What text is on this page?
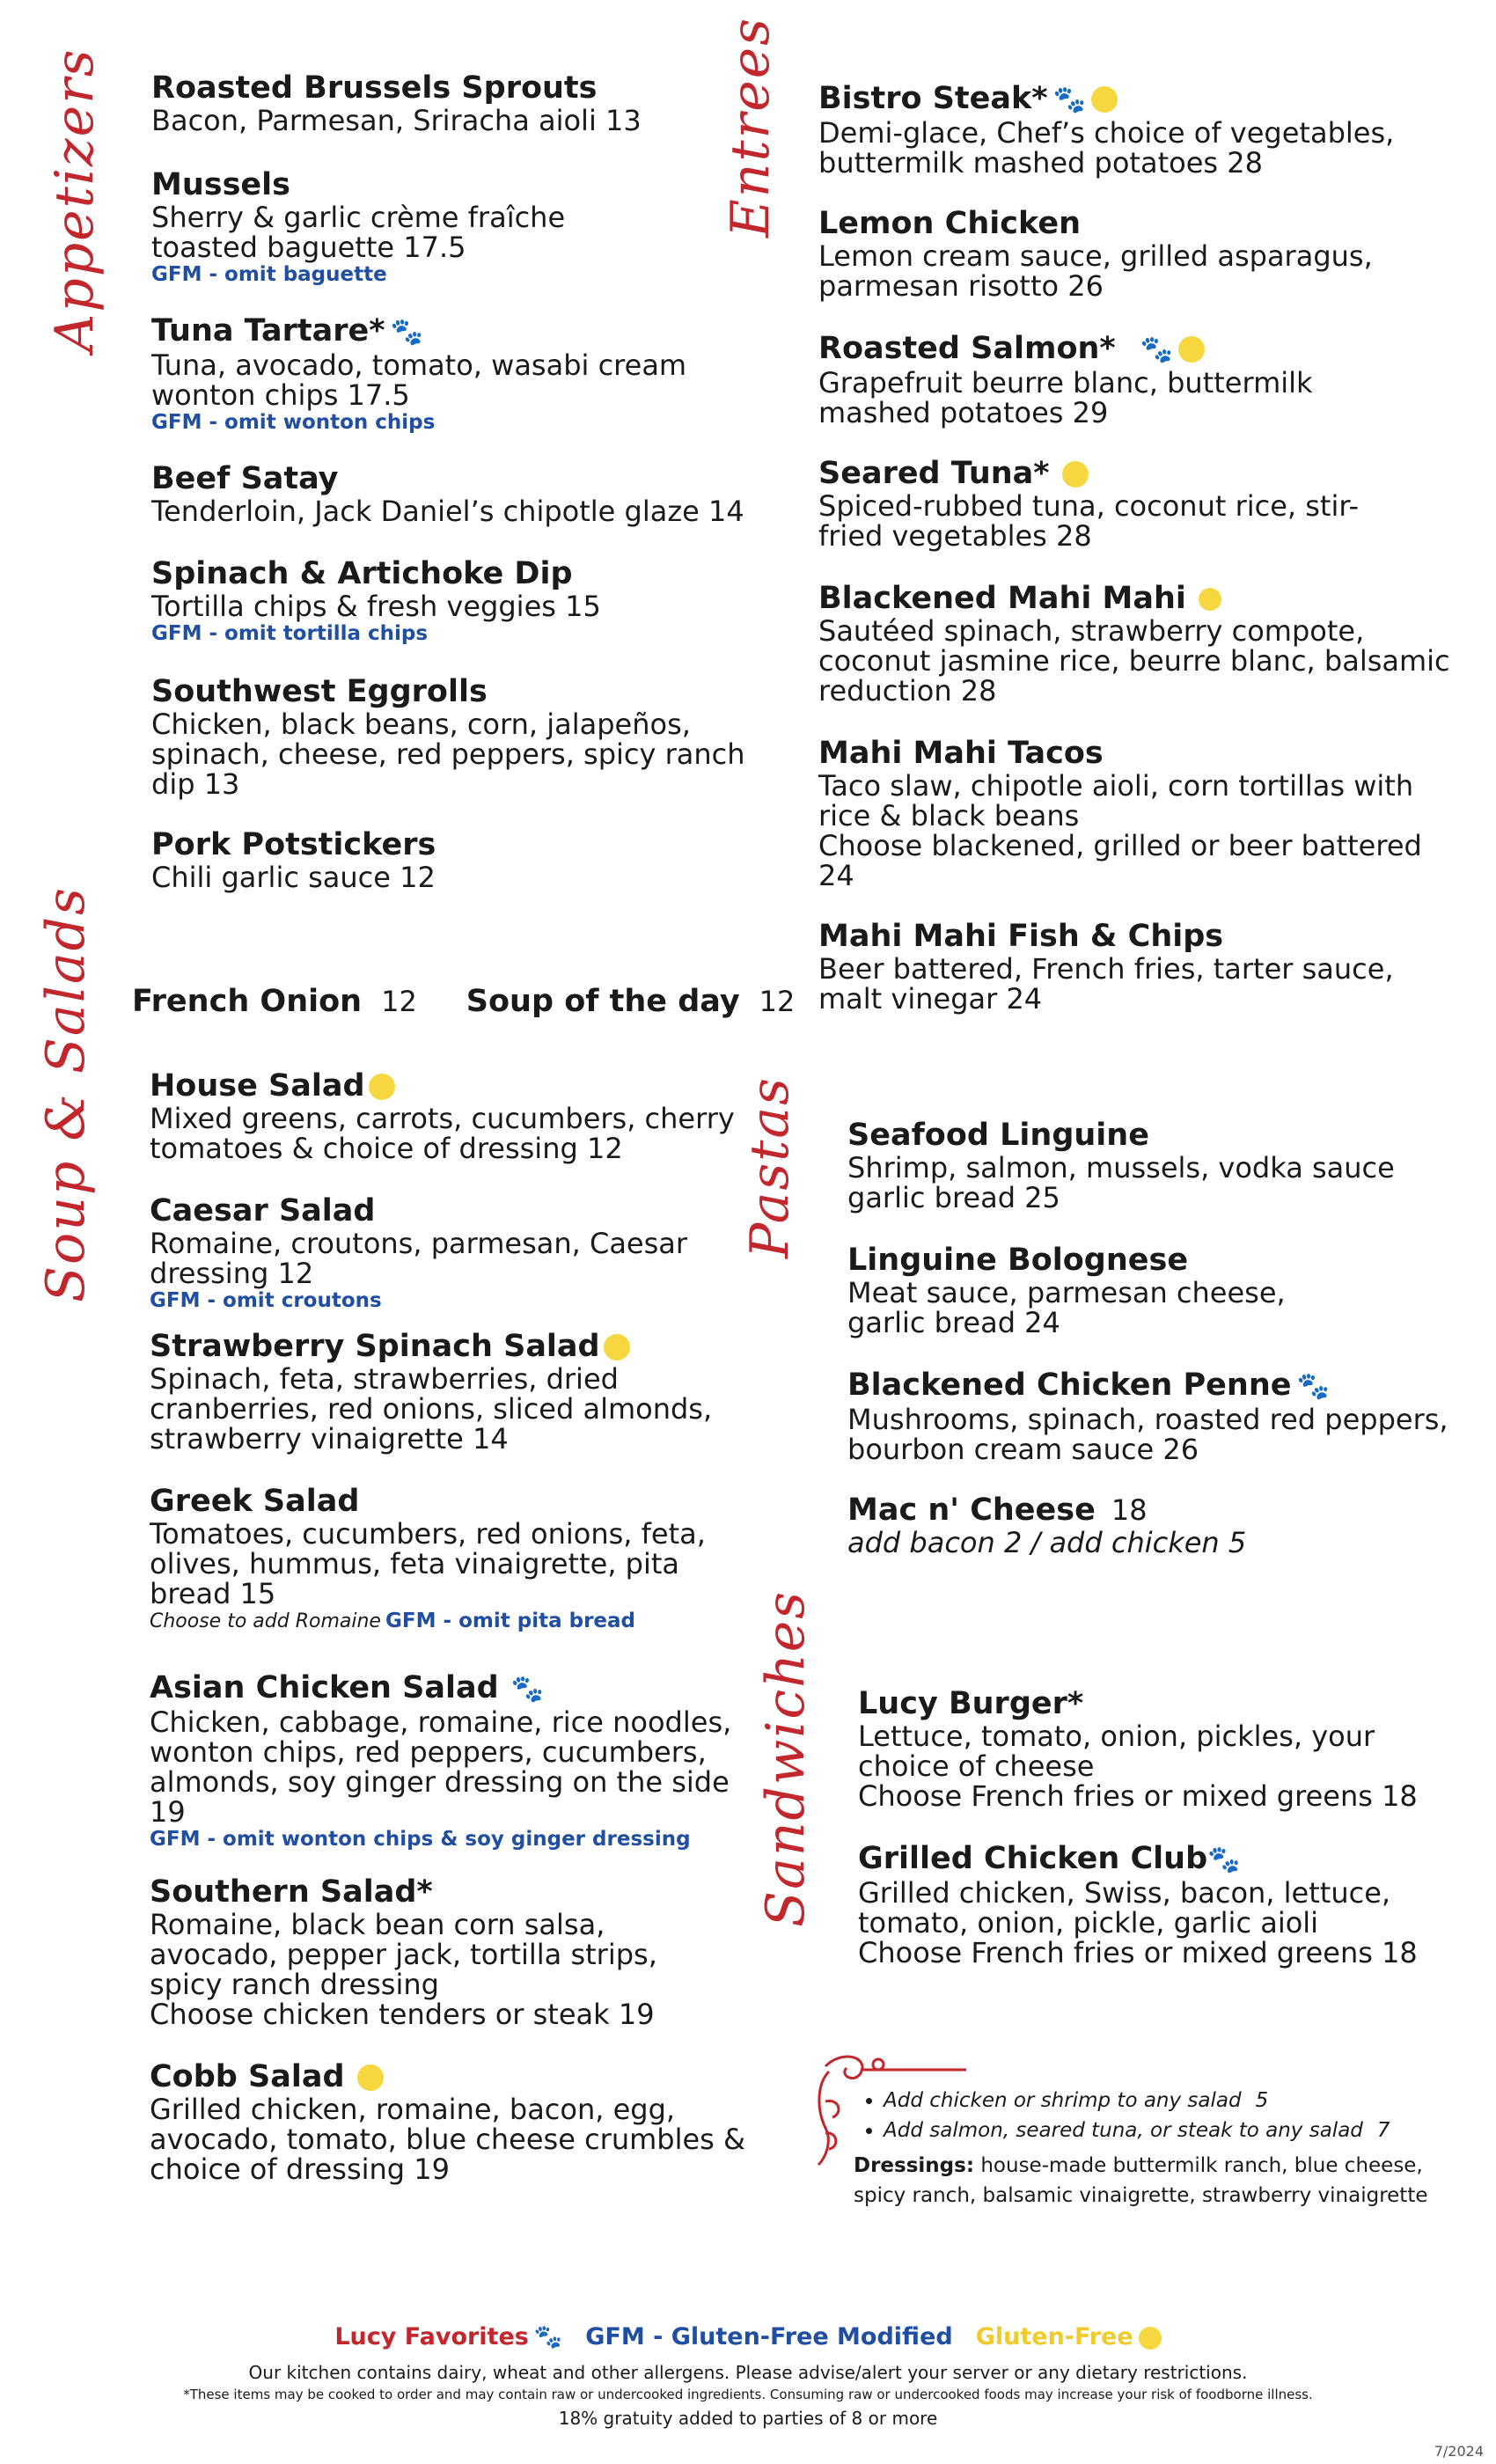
Appetizers	Entrees
Soup & Salads	Pastas
Sandwiches
Roasted Brussels Sprouts
Bacon, Parmesan, Sriracha aioli 13
Mussels
Sherry & garlic crème fraîche toasted baguette 17.5
GFM - omit baguette
Tuna Tartare* 🐾
Tuna, avocado, tomato, wasabi cream wonton chips 17.5
GFM - omit wonton chips
Beef Satay
Tenderloin, Jack Daniel’s chipotle glaze 14
Spinach & Artichoke Dip
Tortilla chips & fresh veggies 15
GFM - omit tortilla chips
Southwest Eggrolls
Chicken, black beans, corn, jalapeños, spinach, cheese, red peppers, spicy ranch dip 13
Pork Potstickers
Chili garlic sauce 12
Bistro Steak* 🐾
Demi-glace, Chef’s choice of vegetables, buttermilk mashed potatoes 28
Lemon Chicken
Lemon cream sauce, grilled asparagus, parmesan risotto 26
Roasted Salmon* 🐾
Grapefruit beurre blanc, buttermilk mashed potatoes 29
Seared Tuna*
Spiced-rubbed tuna, coconut rice, stir-fried vegetables 28
Blackened Mahi Mahi
Sautéed spinach, strawberry compote, coconut jasmine rice, beurre blanc, balsamic reduction 28
Mahi Mahi Tacos
Taco slaw, chipotle aioli, corn tortillas with rice & black beans
Choose blackened, grilled or beer battered 24
Mahi Mahi Fish & Chips
Beer battered, French fries, tarter sauce, malt vinegar 24
French Onion 12 Soup of the day 12
House Salad
Mixed greens, carrots, cucumbers, cherry tomatoes & choice of dressing 12
Caesar Salad
Romaine, croutons, parmesan, Caesar dressing 12
GFM - omit croutons
Strawberry Spinach Salad
Spinach, feta, strawberries, dried cranberries, red onions, sliced almonds, strawberry vinaigrette 14
Greek Salad
Tomatoes, cucumbers, red onions, feta, olives, hummus, feta vinaigrette, pita bread 15
Choose to add Romaine GFM - omit pita bread
Asian Chicken Salad 🐾
Chicken, cabbage, romaine, rice noodles, wonton chips, red peppers, cucumbers, almonds, soy ginger dressing on the side 19
GFM - omit wonton chips & soy ginger dressing
Southern Salad*
Romaine, black bean corn salsa, avocado, pepper jack, tortilla strips, spicy ranch dressing
Choose chicken tenders or steak 19
Cobb Salad
Grilled chicken, romaine, bacon, egg, avocado, tomato, blue cheese crumbles & choice of dressing 19
Seafood Linguine
Shrimp, salmon, mussels, vodka sauce garlic bread 25
Linguine Bolognese
Meat sauce, parmesan cheese, garlic bread 24
Blackened Chicken Penne 🐾
Mushrooms, spinach, roasted red peppers, bourbon cream sauce 26
Mac n' Cheese 18
add bacon 2 / add chicken 5
Lucy Burger*
Lettuce, tomato, onion, pickles, your choice of cheese
Choose French fries or mixed greens 18
Grilled Chicken Club🐾
Grilled chicken, Swiss, bacon, lettuce, tomato, onion, pickle, garlic aioli
Choose French fries or mixed greens 18
• Add chicken or shrimp to any salad 5
• Add salmon, seared tuna, or steak to any salad 7
Dressings: house-made buttermilk ranch, blue cheese, spicy ranch, balsamic vinaigrette, strawberry vinaigrette
Lucy Favorites 🐾 GFM - Gluten-Free Modified Gluten-Free
Our kitchen contains dairy, wheat and other allergens. Please advise/alert your server or any dietary restrictions.
*These items may be cooked to order and may contain raw or undercooked ingredients. Consuming raw or undercooked foods may increase your risk of foodborne illness.
18% gratuity added to parties of 8 or more
7/2024
